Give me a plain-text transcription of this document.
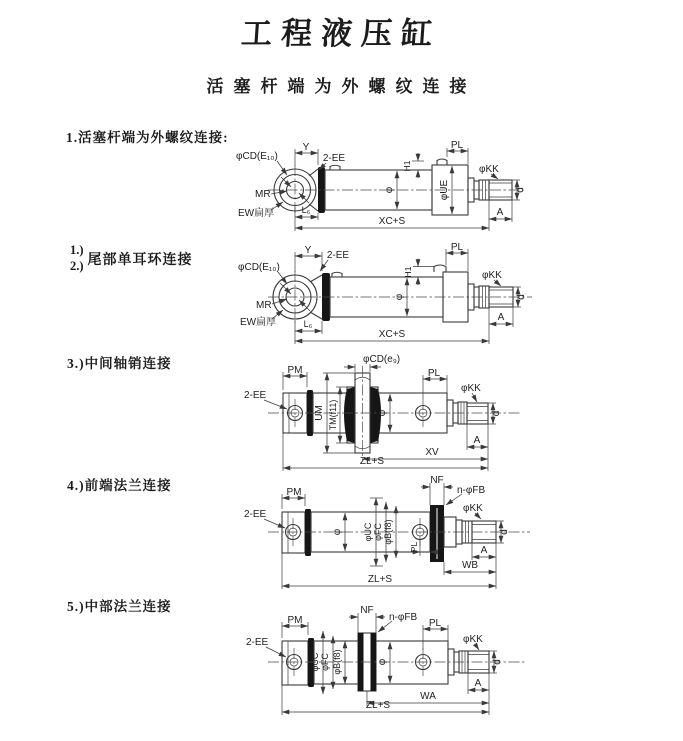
工程液压缸
活塞杆端为外螺纹连接
1.活塞杆端为外螺纹连接:
1.)
2.) 尾部单耳环连接
3.)中间轴销连接
4.)前端法兰连接
5.)中部法兰连接
Y
2-EE
φCD(E₁₀)
MR
EW扁厚	L₆
H1
φ	φUE
PL
φKK
d
A
XC+S
Y 2-EE
φCD(E₁₀)
MR
EW扁厚	L₆
H1
PL
φ
φKK
d
A
XC+S
PM
2-EE
φCD(e₉)
UM TM(f11)	φ
PL
φKK
d
A
XV
ZL+S
PM
2-EE
φ φUC φFC φB(f8)
NF
n-φFB
PL
φKK
d
A
WB
ZL+S
PM
2-EE
φUC φFC φB(f8)
NF
n-φFB
φ
PL
φKK
d
A
WA
ZL+S
